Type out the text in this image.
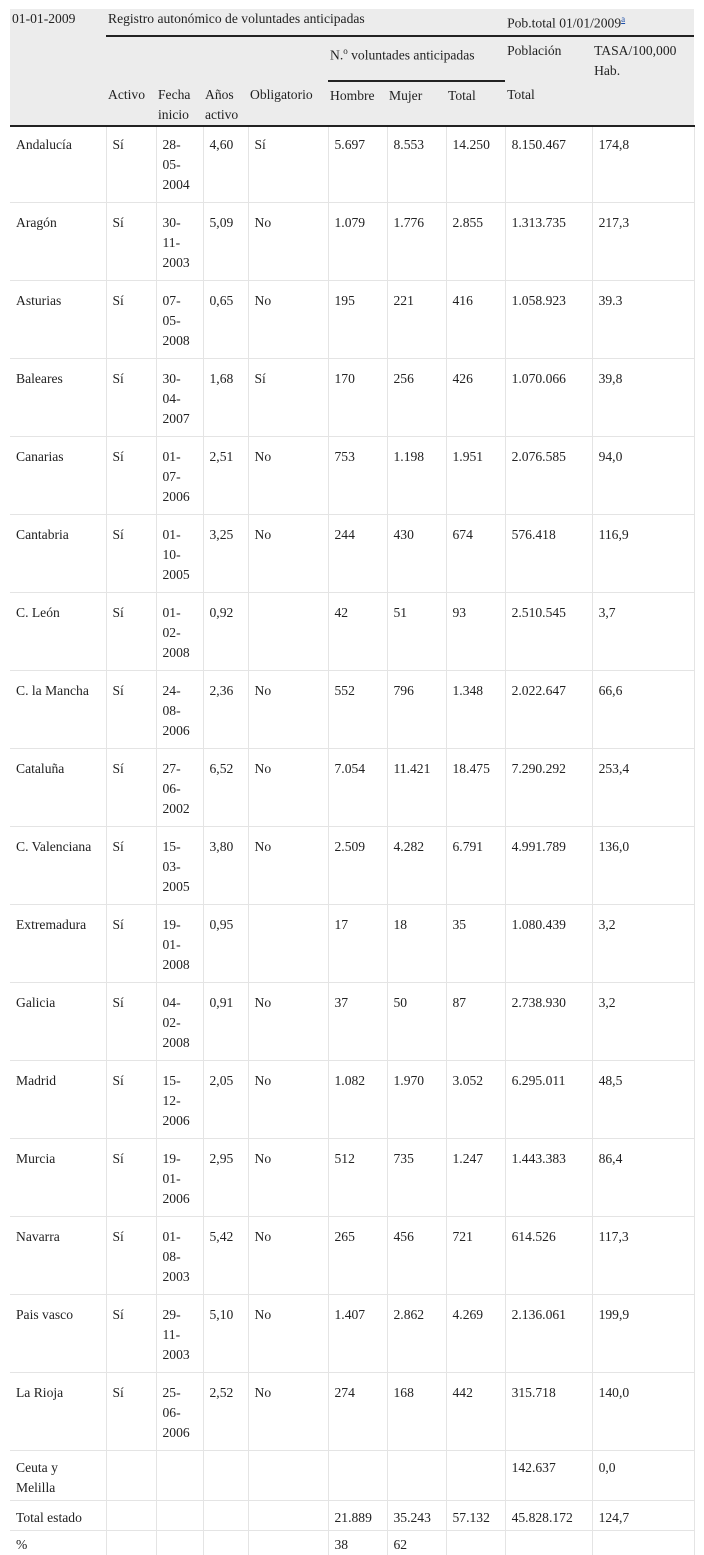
01-01-2009	Registro autonómico de voluntades anticipadas							Pob.total 01/01/2009$^a$
					N.$^o$ voluntades anticipadas			Población	TASA/100,000 Hab.
	Activo	Fecha inicio	Años activo	Obligatorio	Hombre	Mujer	Total	Total	
Andalucía	Sí	28-
05-
2004	4,60	Sí	5.697	8.553	14.250	8.150.467	174,8
Aragón	Sí	30-
11-
2003	5,09	No	1.079	1.776	2.855	1.313.735	217,3
Asturias	Sí	07-
05-
2008	0,65	No	195	221	416	1.058.923	39.3
Baleares	Sí	30-
04-
2007	1,68	Sí	170	256	426	1.070.066	39,8
Canarias	Sí	01-
07-
2006	2,51	No	753	1.198	1.951	2.076.585	94,0
Cantabria	Sí	01-
10-
2005	3,25	No	244	430	674	576.418	116,9
C. León	Sí	01-
02-
2008	0,92		42	51	93	2.510.545	3,7
C. la Mancha	Sí	24-
08-
2006	2,36	No	552	796	1.348	2.022.647	66,6
Cataluña	Sí	27-
06-
2002	6,52	No	7.054	11.421	18.475	7.290.292	253,4
C. Valenciana	Sí	15-
03-
2005	3,80	No	2.509	4.282	6.791	4.991.789	136,0
Extremadura	Sí	19-
01-
2008	0,95		17	18	35	1.080.439	3,2
Galicia	Sí	04-
02-
2008	0,91	No	37	50	87	2.738.930	3,2
Madrid	Sí	15-
12-
2006	2,05	No	1.082	1.970	3.052	6.295.011	48,5
Murcia	Sí	19-
01-
2006	2,95	No	512	735	1.247	1.443.383	86,4
Navarra	Sí	01-
08-
2003	5,42	No	265	456	721	614.526	117,3
Pais vasco	Sí	29-
11-
2003	5,10	No	1.407	2.862	4.269	2.136.061	199,9
La Rioja	Sí	25-
06-
2006	2,52	No	274	168	442	315.718	140,0
Ceuta y Melilla								142.637	0,0
Total estado					21.889	35.243	57.132	45.828.172	124,7
%					38	62			
